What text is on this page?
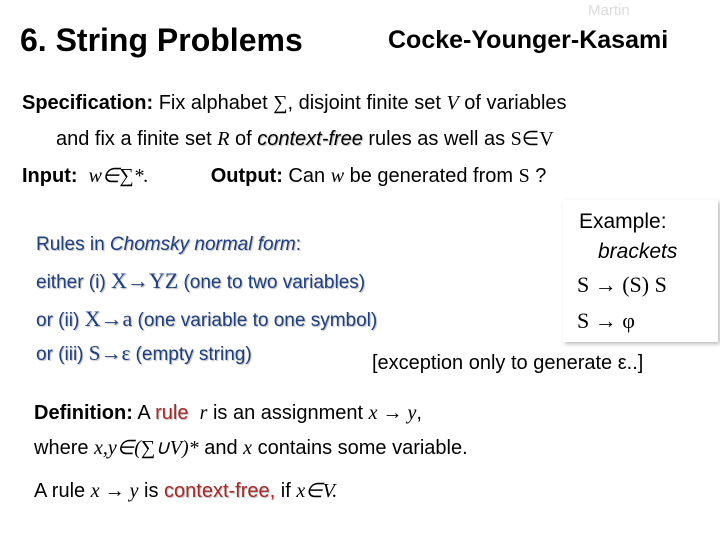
Martin
6. String Problems	Cocke-Younger-Kasami
Specification: Fix alphabet ∑, disjoint finite set V of variables
and fix a finite set R of context-free rules as well as S∈V
Input: w∈∑*.	Output: Can w be generated from S ?
Rules in Chomsky normal form:
either (i) X→YZ (one to two variables)
or (ii) X→a (one variable to one symbol)
or (iii) S→ε (empty string)
Example:
brackets
S → (S) S
S → φ
[exception only to generate ε..]
Definition: A rule r is an assignment x → y,
where x,y∈(∑∪V)* and x contains some variable.
A rule x → y is context-free, if x∈V.
